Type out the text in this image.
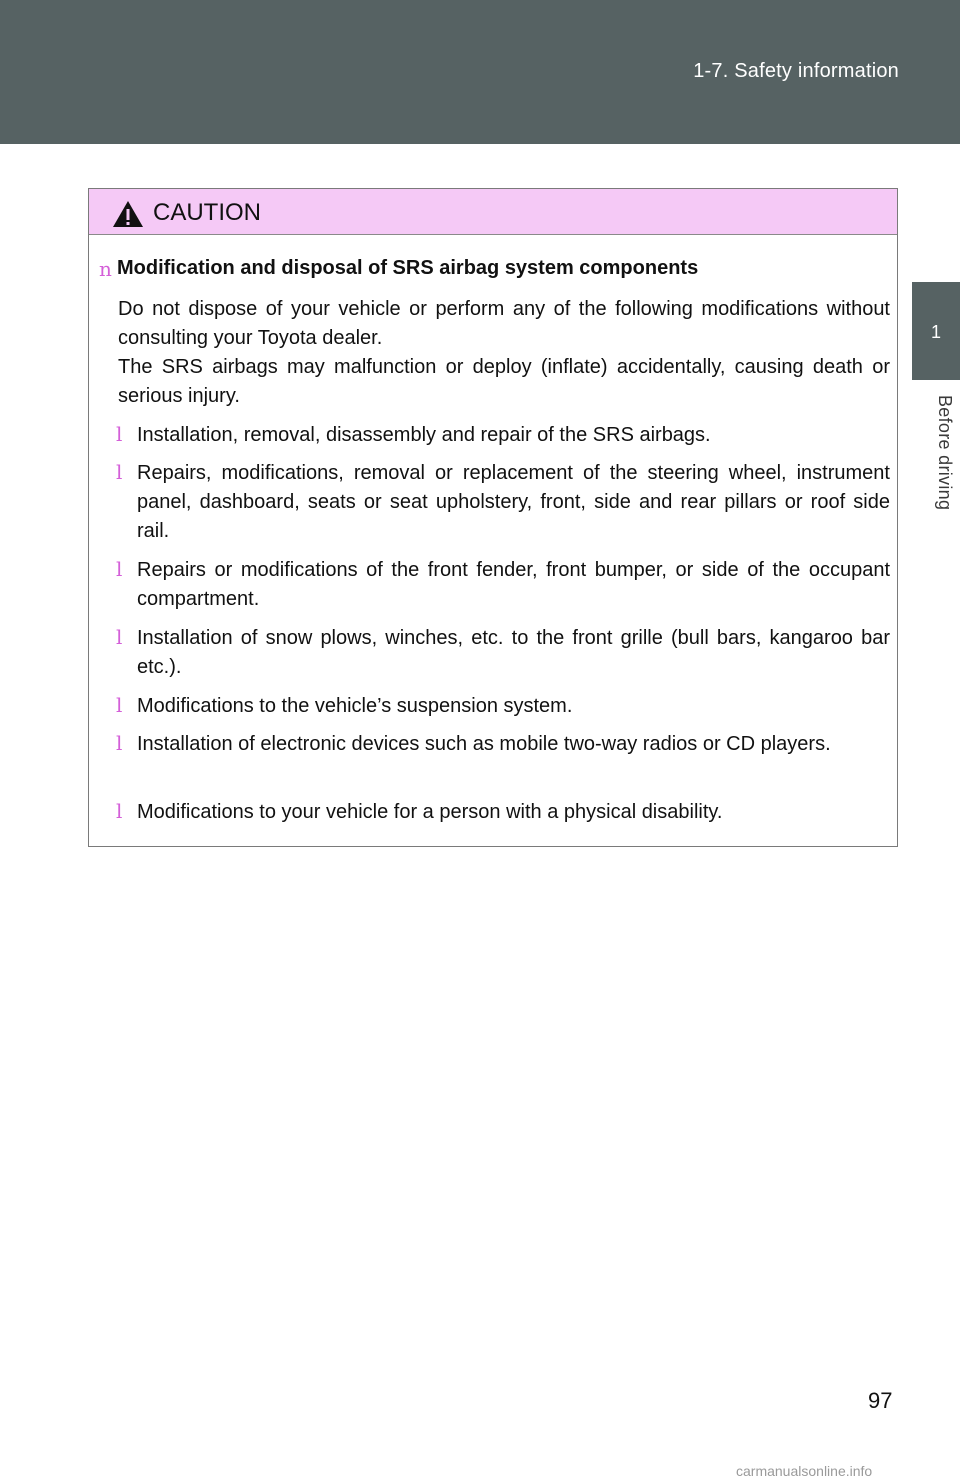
1-7. Safety information
1
Before driving
CAUTION
n Modification and disposal of SRS airbag system components
Do not dispose of your vehicle or perform any of the following modifications without consulting your Toyota dealer.
The SRS airbags may malfunction or deploy (inflate) accidentally, causing death or serious injury.
l Installation, removal, disassembly and repair of the SRS airbags.
l Repairs, modifications, removal or replacement of the steering wheel, instrument panel, dashboard, seats or seat upholstery, front, side and rear pillars or roof side rail.
l Repairs or modifications of the front fender, front bumper, or side of the occupant compartment.
l Installation of snow plows, winches, etc. to the front grille (bull bars, kangaroo bar etc.).
l Modifications to the vehicle’s suspension system.
l Installation of electronic devices such as mobile two-way radios or CD players.
l Modifications to your vehicle for a person with a physical disability.
97
carmanualsonline.info
